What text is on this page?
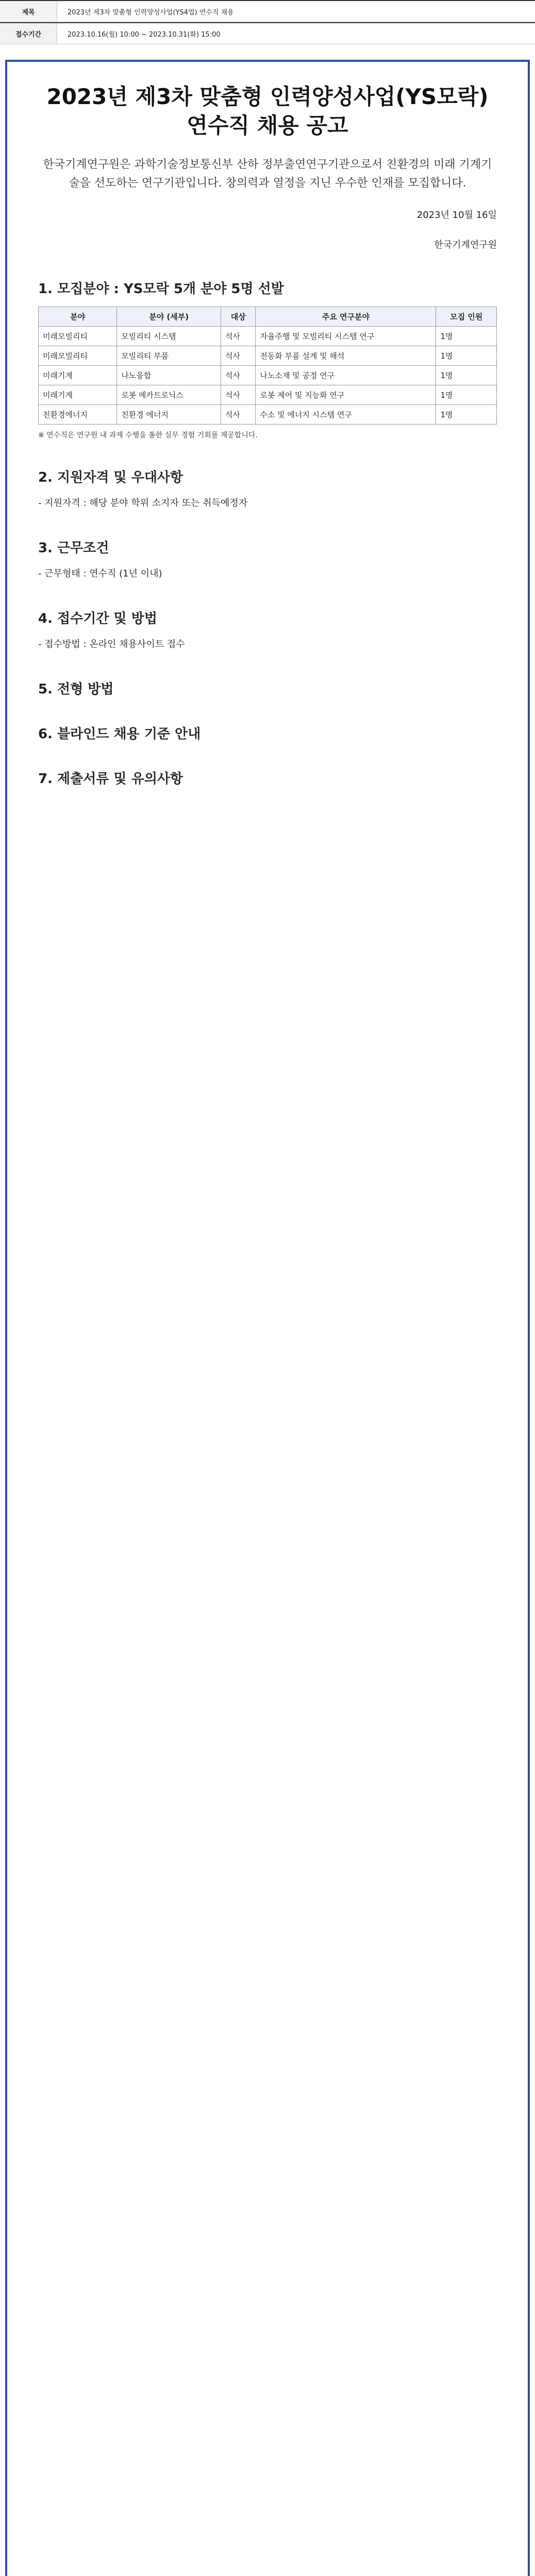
제목	2023년 제3차 맞춤형 인력양성사업(YS4업) 연수직 채용
접수기간	2023.10.16(월) 10:00 ~ 2023.10.31(화) 15:00
2023년 제3차 맞춤형 인력양성사업(YS모락)
연수직 채용 공고
한국기계연구원은 과학기술정보통신부 산하 정부출연연구기관으로서 친환경의 미래 기계기술을 선도하는 연구기관입니다. 창의력과 열정을 지닌 우수한 인재를 모집합니다.
2023년 10월 16일
한국기계연구원
1. 모집분야 : YS모락 5개 분야 5명 선발
분야	분야 (세부)	대상	주요 연구분야	모집 인원
미래모빌리티	모빌리티 시스템	석사	자율주행 및 모빌리티 시스템 연구	1명
미래모빌리티	모빌리티 부품	석사	전동화 부품 설계 및 해석	1명
미래기계	나노융합	석사	나노소재 및 공정 연구	1명
미래기계	로봇 메카트로닉스	석사	로봇 제어 및 지능화 연구	1명
친환경에너지	친환경 에너지	석사	수소 및 에너지 시스템 연구	1명
※ 연수직은 연구원 내 과제 수행을 통한 실무 경험 기회를 제공합니다.
2. 지원자격 및 우대사항
- 지원자격 : 해당 분야 학위 소지자 또는 취득예정자
3. 근무조건
- 근무형태 : 연수직 (1년 이내)
4. 접수기간 및 방법
- 접수방법 : 온라인 채용사이트 접수
5. 전형 방법
6. 블라인드 채용 기준 안내
7. 제출서류 및 유의사항
